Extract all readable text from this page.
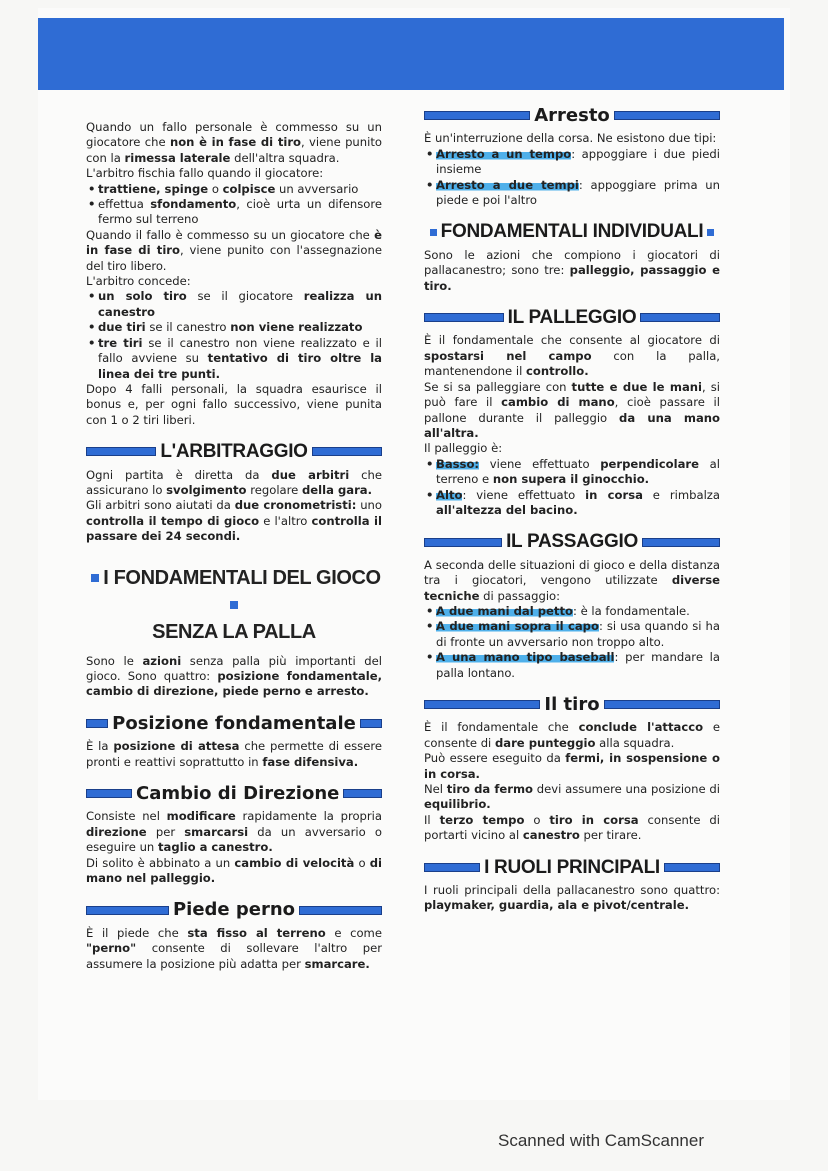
Quando un fallo personale è commesso su un giocatore che non è in fase di tiro, viene punito con la rimessa laterale dell'altra squadra.

L'arbitro fischia fallo quando il giocatore:

• trattiene, spinge o colpisce un avversario
• effettua sfondamento, cioè urta un difensore fermo sul terreno

Quando il fallo è commesso su un giocatore che è in fase di tiro, viene punito con l'assegnazione del tiro libero.

L'arbitro concede:

• un solo tiro se il giocatore realizza un canestro
• due tiri se il canestro non viene realizzato
• tre tiri se il canestro non viene realizzato e il fallo avviene su tentativo di tiro oltre la linea dei tre punti.

Dopo 4 falli personali, la squadra esaurisce il bonus e, per ogni fallo successivo, viene punita con 1 o 2 tiri liberi.

L'ARBITRAGGIO

Ogni partita è diretta da due arbitri che assicurano lo svolgimento regolare della gara.

Gli arbitri sono aiutati da due cronometristi: uno controlla il tempo di gioco e l'altro controlla il passare dei 24 secondi.

I FONDAMENTALI DEL GIOCO
SENZA LA PALLA

Sono le azioni senza palla più importanti del gioco. Sono quattro: posizione fondamentale, cambio di direzione, piede perno e arresto.

Posizione fondamentale

È la posizione di attesa che permette di essere pronti e reattivi soprattutto in fase difensiva.

Cambio di Direzione

Consiste nel modificare rapidamente la propria direzione per smarcarsi da un avversario o eseguire un taglio a canestro.

Di solito è abbinato a un cambio di velocità o di mano nel palleggio.

Piede perno

È il piede che sta fisso al terreno e come "perno" consente di sollevare l'altro per assumere la posizione più adatta per smarcare.

Arresto

È un'interruzione della corsa. Ne esistono due tipi:

• Arresto a un tempo: appoggiare i due piedi insieme
• Arresto a due tempi: appoggiare prima un piede e poi l'altro
FONDAMENTALI INDIVIDUALI

Sono le azioni che compiono i giocatori di pallacanestro; sono tre: palleggio, passaggio e tiro.

IL PALLEGGIO

È il fondamentale che consente al giocatore di spostarsi nel campo con la palla, mantenendone il controllo.

Se si sa palleggiare con tutte e due le mani, si può fare il cambio di mano, cioè passare il pallone durante il palleggio da una mano all'altra.

Il palleggio è:

• Basso: viene effettuato perpendicolare al terreno e non supera il ginocchio.
• Alto: viene effettuato in corsa e rimbalza all'altezza del bacino.
IL PASSAGGIO

A seconda delle situazioni di gioco e della distanza tra i giocatori, vengono utilizzate diverse tecniche di passaggio:

• A due mani dal petto: è la fondamentale.
• A due mani sopra il capo: si usa quando si ha di fronte un avversario non troppo alto.
• A una mano tipo baseball: per mandare la palla lontano.
Il tiro

È il fondamentale che conclude l'attacco e consente di dare punteggio alla squadra.

Può essere eseguito da fermi, in sospensione o in corsa.

Nel tiro da fermo devi assumere una posizione di equilibrio.

Il terzo tempo o tiro in corsa consente di portarti vicino al canestro per tirare.

I RUOLI PRINCIPALI

I ruoli principali della pallacanestro sono quattro: playmaker, guardia, ala e pivot/centrale.

Scanned with CamScanner
